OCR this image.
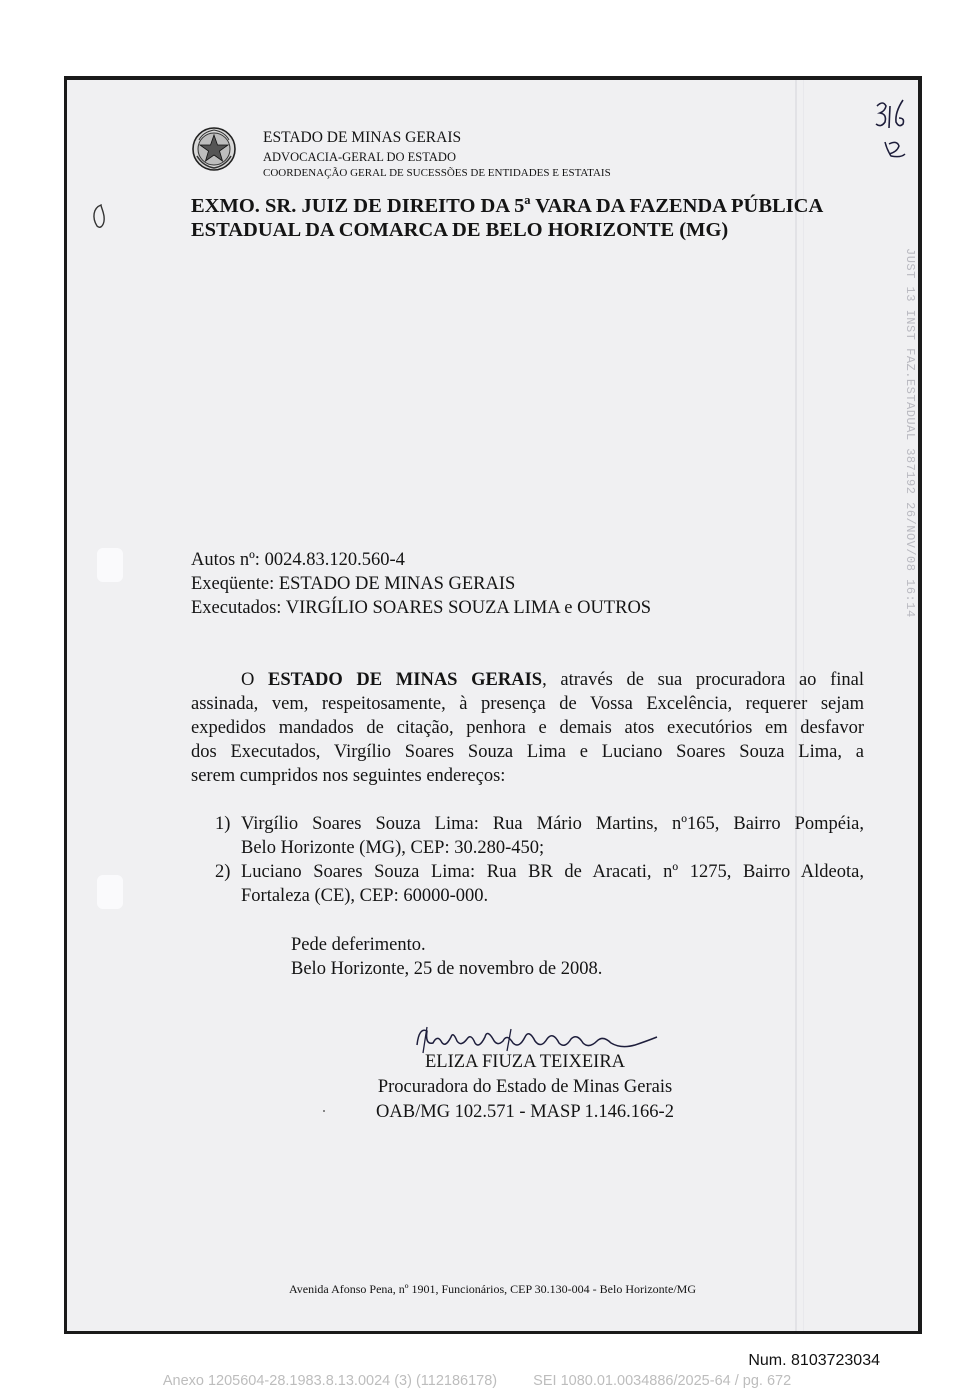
ESTADO DE MINAS GERAIS
ADVOCACIA-GERAL DO ESTADO
COORDENAÇÃO GERAL DE SUCESSÕES DE ENTIDADES E ESTATAIS
EXMO. SR. JUIZ DE DIREITO DA 5ª VARA DA FAZENDA PÚBLICA
ESTADUAL DA COMARCA DE BELO HORIZONTE (MG)
JUST 13 INST FAZ.ESTADUAL 387192 26/NOV/08 16:14
Autos nº: 0024.83.120.560-4
Exeqüente: ESTADO DE MINAS GERAIS
Executados: VIRGÍLIO SOARES SOUZA LIMA e OUTROS
O ESTADO DE MINAS GERAIS, através de sua procuradora ao final
assinada, vem, respeitosamente, à presença de Vossa Excelência, requerer sejam
expedidos mandados de citação, penhora e demais atos executórios em desfavor
dos Executados, Virgílio Soares Souza Lima e Luciano Soares Souza Lima, a
serem cumpridos nos seguintes endereços:
1) Virgílio Soares Souza Lima: Rua Mário Martins, nº165, Bairro Pompéia,
Belo Horizonte (MG), CEP: 30.280-450;
2) Luciano Soares Souza Lima: Rua BR de Aracati, nº 1275, Bairro Aldeota,
Fortaleza (CE), CEP: 60000-000.
Pede deferimento.
Belo Horizonte, 25 de novembro de 2008.
ELIZA FIUZA TEIXEIRA
Procuradora do Estado de Minas Gerais
OAB/MG 102.571 - MASP 1.146.166-2
Avenida Afonso Pena, nº 1901, Funcionários, CEP 30.130-004 - Belo Horizonte/MG
Num. 8103723034
Anexo 1205604-28.1983.8.13.0024 (3) (112186178) SEI 1080.01.0034886/2025-64 / pg. 672
